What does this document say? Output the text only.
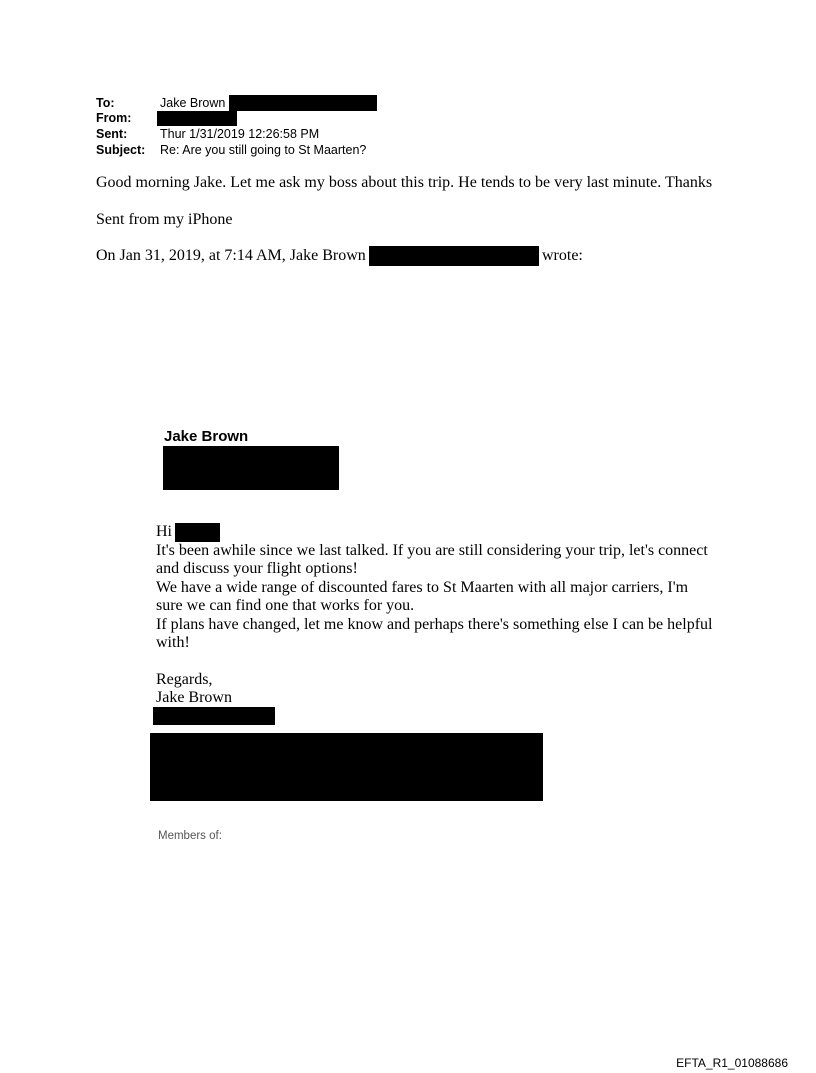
To:	Jake Brown
From:
Sent:	Thur 1/31/2019 12:26:58 PM
Subject: Re: Are you still going to St Maarten?
Good morning Jake. Let me ask my boss about this trip. He tends to be very last minute. Thanks
Sent from my iPhone
On Jan 31, 2019, at 7:14 AM, Jake Brown	wrote:
Jake Brown
Hi
It's been awhile since we last talked. If you are still considering your trip, let's connect
and discuss your flight options!
We have a wide range of discounted fares to St Maarten with all major carriers, I'm
sure we can find one that works for you.
If plans have changed, let me know and perhaps there's something else I can be helpful
with!
Regards,
Jake Brown
Members of:
EFTA_R1_01088686
